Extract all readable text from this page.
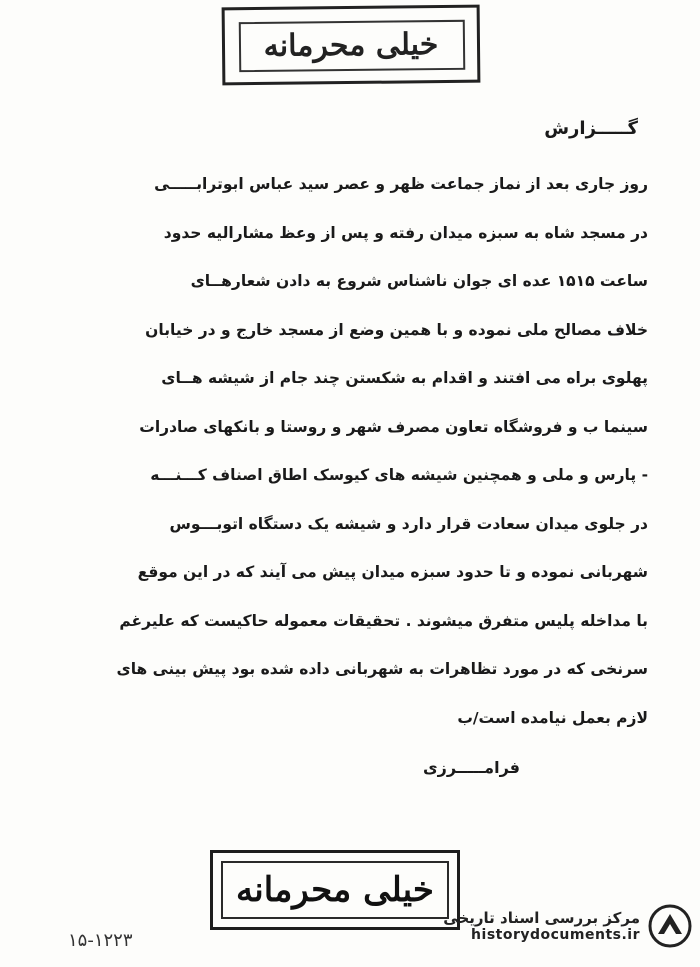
خیلی محرمانه
گـــــزارش
روز جاری بعد از نماز جماعت ظهر و عصر سید عباس ابوترابـــــی
در مسجد شاه به سبزه میدان رفته و پس از وعظ مشارالیه حدود
ساعت ۱۵۱۵ عده ای جوان ناشناس شروع به دادن شعارهــای
خلاف مصالح ملی نموده و با همین وضع از مسجد خارج و در خیابان
پهلوی براه می افتند و اقدام به شکستن چند جام از شیشه هــای
سینما ب و فروشگاه تعاون مصرف شهر و روستا و بانکهای صادرات
- پارس و ملی و همچنین شیشه های کیوسک اطاق اصناف کـــنـــه
در جلوی میدان سعادت قرار دارد و شیشه یک دستگاه اتوبـــوس
شهربانی نموده و تا حدود سبزه میدان پیش می آیند که در این موقع
با مداخله پلیس متفرق میشوند . تحقیقات معموله حاکیست که علیرغم
سرنخی که در مورد تظاهرات به شهربانی داده شده بود پیش بینی های
لازم بعمل نیامده است/ب
فرامـــــرزی
خیلی محرمانه
۱۵-۱۲۲۳
مرکز بررسی اسناد تاریخی
historydocuments.ir
